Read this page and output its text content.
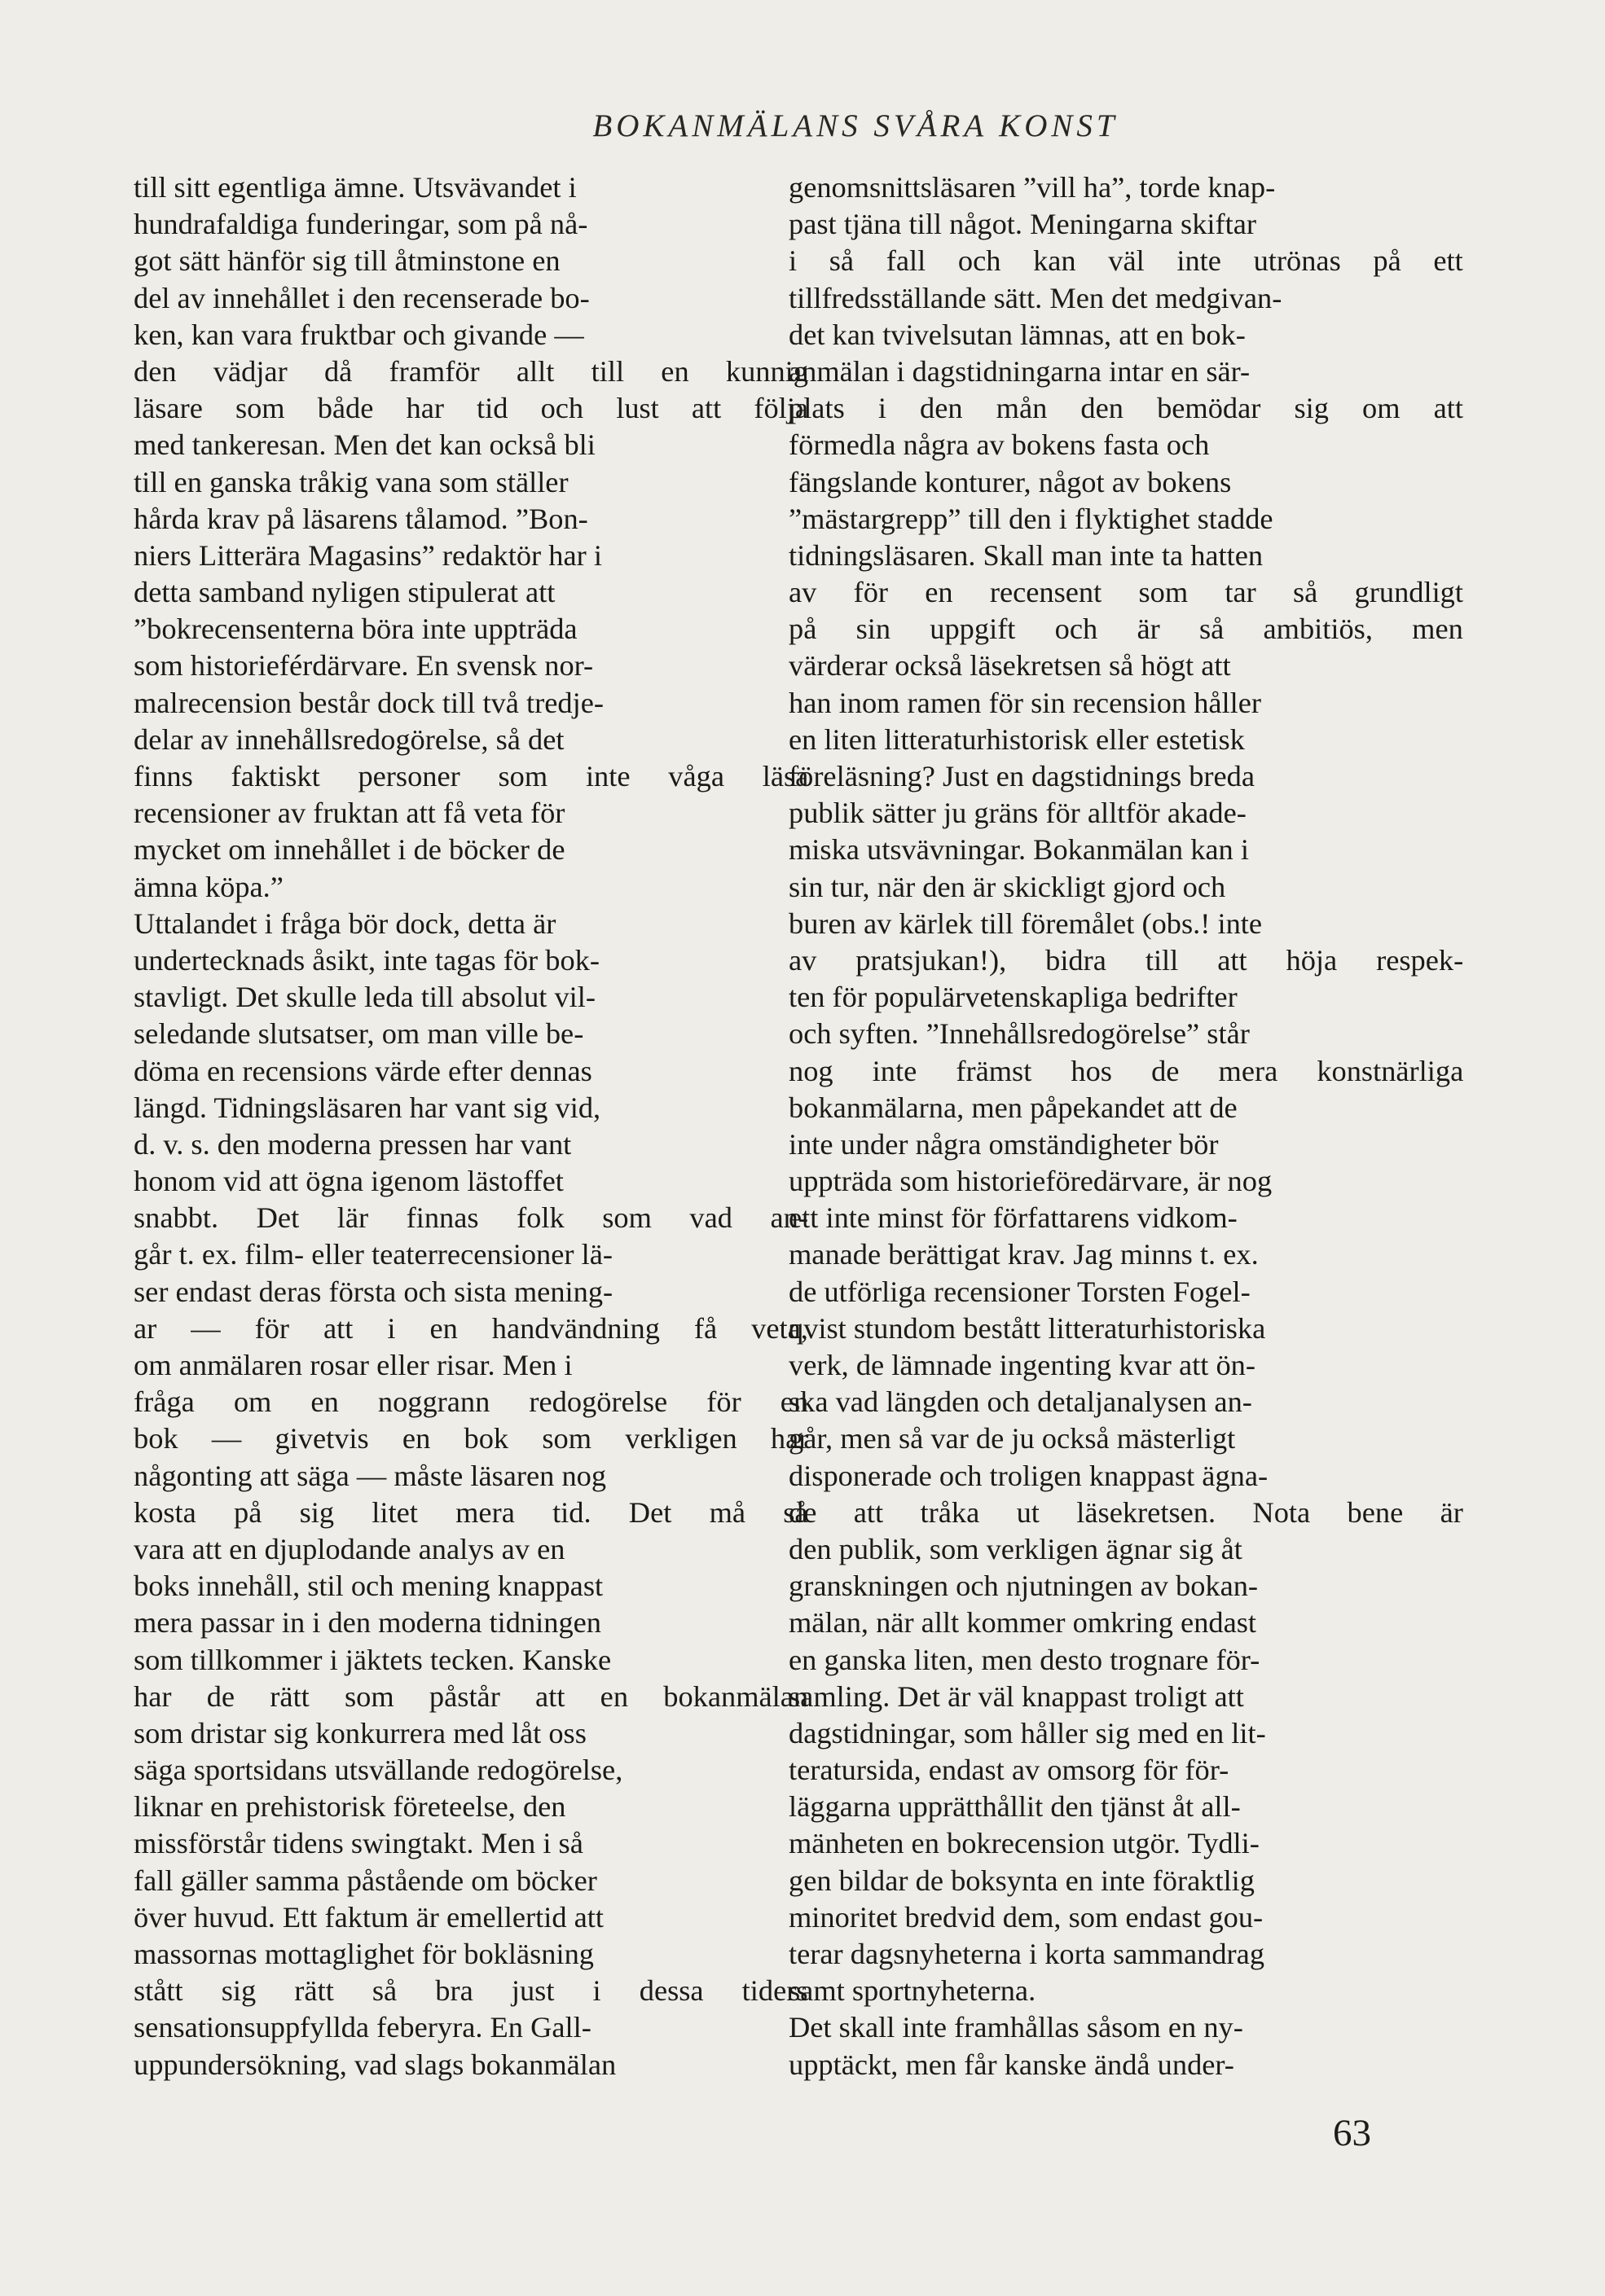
BOKANMÄLANS SVÅRA KONST
till sitt egentliga ämne. Utsvävandet i
hundrafaldiga funderingar, som på nå-
got sätt hänför sig till åtminstone en
del av innehållet i den recenserade bo-
ken, kan vara fruktbar och givande —
den vädjar då framför allt till en kunnig
läsare som både har tid och lust att följa
med tankeresan. Men det kan också bli
till en ganska tråkig vana som ställer
hårda krav på läsarens tålamod. ”Bon-
niers Litterära Magasins” redaktör har i
detta samband nyligen stipulerat att
”bokrecensenterna böra inte uppträda
som historieférdärvare. En svensk nor-
malrecension består dock till två tredje-
delar av innehållsredogörelse, så det
finns faktiskt personer som inte våga läsa
recensioner av fruktan att få veta för
mycket om innehållet i de böcker de
ämna köpa.”
Uttalandet i fråga bör dock, detta är
undertecknads åsikt, inte tagas för bok-
stavligt. Det skulle leda till absolut vil-
seledande slutsatser, om man ville be-
döma en recensions värde efter dennas
längd. Tidningsläsaren har vant sig vid,
d. v. s. den moderna pressen har vant
honom vid att ögna igenom lästoffet
snabbt. Det lär finnas folk som vad an-
går t. ex. film- eller teaterrecensioner lä-
ser endast deras första och sista mening-
ar — för att i en handvändning få veta,
om anmälaren rosar eller risar. Men i
fråga om en noggrann redogörelse för en
bok — givetvis en bok som verkligen har
någonting att säga — måste läsaren nog
kosta på sig litet mera tid. Det må så
vara att en djuplodande analys av en
boks innehåll, stil och mening knappast
mera passar in i den moderna tidningen
som tillkommer i jäktets tecken. Kanske
har de rätt som påstår att en bokanmälan
som dristar sig konkurrera med låt oss
säga sportsidans utsvällande redogörelse,
liknar en prehistorisk företeelse, den
missförstår tidens swingtakt. Men i så
fall gäller samma påstående om böcker
över huvud. Ett faktum är emellertid att
massornas mottaglighet för bokläsning
stått sig rätt så bra just i dessa tiders
sensationsuppfyllda feberyra. En Gall-
uppundersökning, vad slags bokanmälan
genomsnittsläsaren ”vill ha”, torde knap-
past tjäna till något. Meningarna skiftar
i så fall och kan väl inte utrönas på ett
tillfredsställande sätt. Men det medgivan-
det kan tvivelsutan lämnas, att en bok-
anmälan i dagstidningarna intar en sär-
plats i den mån den bemödar sig om att
förmedla några av bokens fasta och
fängslande konturer, något av bokens
”mästargrepp” till den i flyktighet stadde
tidningsläsaren. Skall man inte ta hatten
av för en recensent som tar så grundligt
på sin uppgift och är så ambitiös, men
värderar också läsekretsen så högt att
han inom ramen för sin recension håller
en liten litteraturhistorisk eller estetisk
föreläsning? Just en dagstidnings breda
publik sätter ju gräns för alltför akade-
miska utsvävningar. Bokanmälan kan i
sin tur, när den är skickligt gjord och
buren av kärlek till föremålet (obs.! inte
av pratsjukan!), bidra till att höja respek-
ten för populärvetenskapliga bedrifter
och syften. ”Innehållsredogörelse” står
nog inte främst hos de mera konstnärliga
bokanmälarna, men påpekandet att de
inte under några omständigheter bör
uppträda som historieföredärvare, är nog
ett inte minst för författarens vidkom-
manade berättigat krav. Jag minns t. ex.
de utförliga recensioner Torsten Fogel-
qvist stundom bestått litteraturhistoriska
verk, de lämnade ingenting kvar att ön-
ska vad längden och detaljanalysen an-
går, men så var de ju också mästerligt
disponerade och troligen knappast ägna-
de att tråka ut läsekretsen. Nota bene är
den publik, som verkligen ägnar sig åt
granskningen och njutningen av bokan-
mälan, när allt kommer omkring endast
en ganska liten, men desto trognare för-
samling. Det är väl knappast troligt att
dagstidningar, som håller sig med en lit-
teratursida, endast av omsorg för för-
läggarna upprätthållit den tjänst åt all-
mänheten en bokrecension utgör. Tydli-
gen bildar de boksynta en inte föraktlig
minoritet bredvid dem, som endast gou-
terar dagsnyheterna i korta sammandrag
samt sportnyheterna.
Det skall inte framhållas såsom en ny-
upptäckt, men får kanske ändå under-
63
